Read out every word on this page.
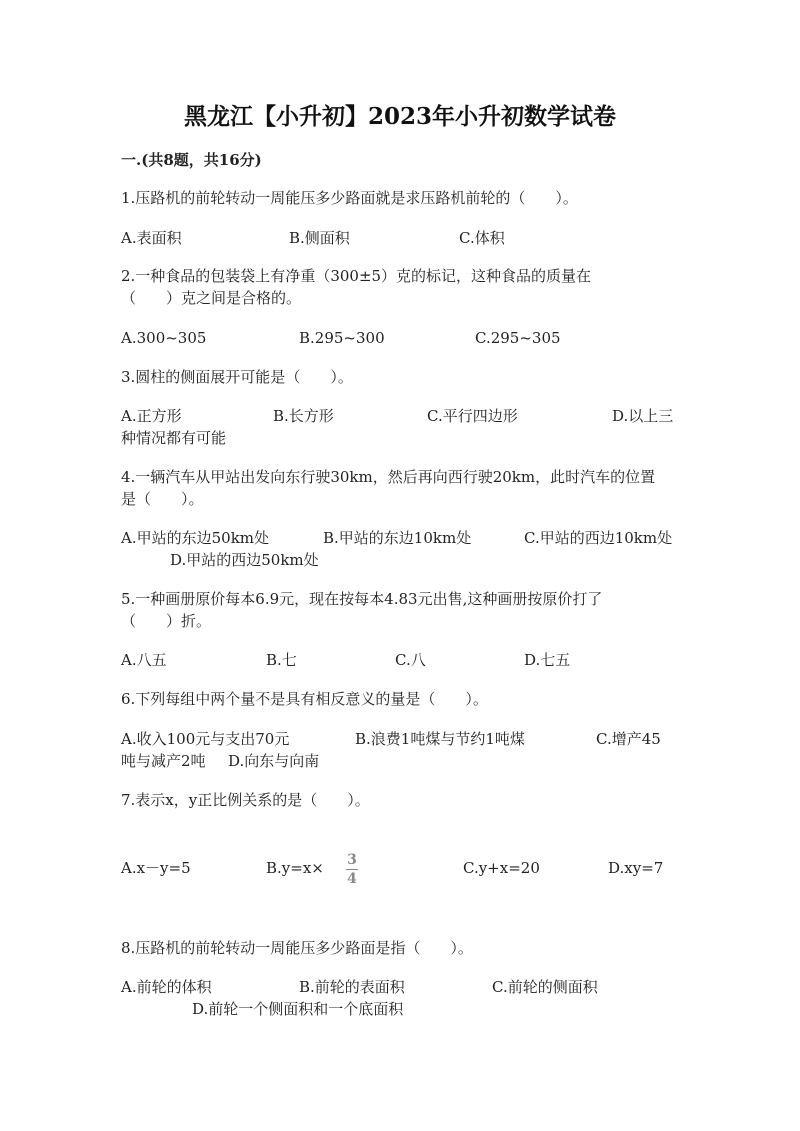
黑龙江【小升初】2023年小升初数学试卷
一.(共8题，共16分)
1.压路机的前轮转动一周能压多少路面就是求压路机前轮的（　　）。
A.表面积	B.侧面积	C.体积
2.一种食品的包装袋上有净重（300±5）克的标记，这种食品的质量在
（　　）克之间是合格的。
A.300~305	B.295~300	C.295~305
3.圆柱的侧面展开可能是（　　）。
A.正方形	B.长方形	C.平行四边形	D.以上三
种情况都有可能
4.一辆汽车从甲站出发向东行驶30km，然后再向西行驶20km，此时汽车的位置
是（　　）。
A.甲站的东边50km处	B.甲站的东边10km处	C.甲站的西边10km处
D.甲站的西边50km处
5.一种画册原价每本6.9元，现在按每本4.83元出售,这种画册按原价打了
（　　）折。
A.八五	B.七	C.八	D.七五
6.下列每组中两个量不是具有相反意义的量是（　　）。
A.收入100元与支出70元	B.浪费1吨煤与节约1吨煤	C.增产45
吨与减产2吨 D.向东与向南
7.表示x，y正比例关系的是（　　）。
A.x－y=5	B.y=x× 3
4
C.y+x=20	D.xy=7
8.压路机的前轮转动一周能压多少路面是指（　　）。
A.前轮的体积	B.前轮的表面积	C.前轮的侧面积
D.前轮一个侧面积和一个底面积
